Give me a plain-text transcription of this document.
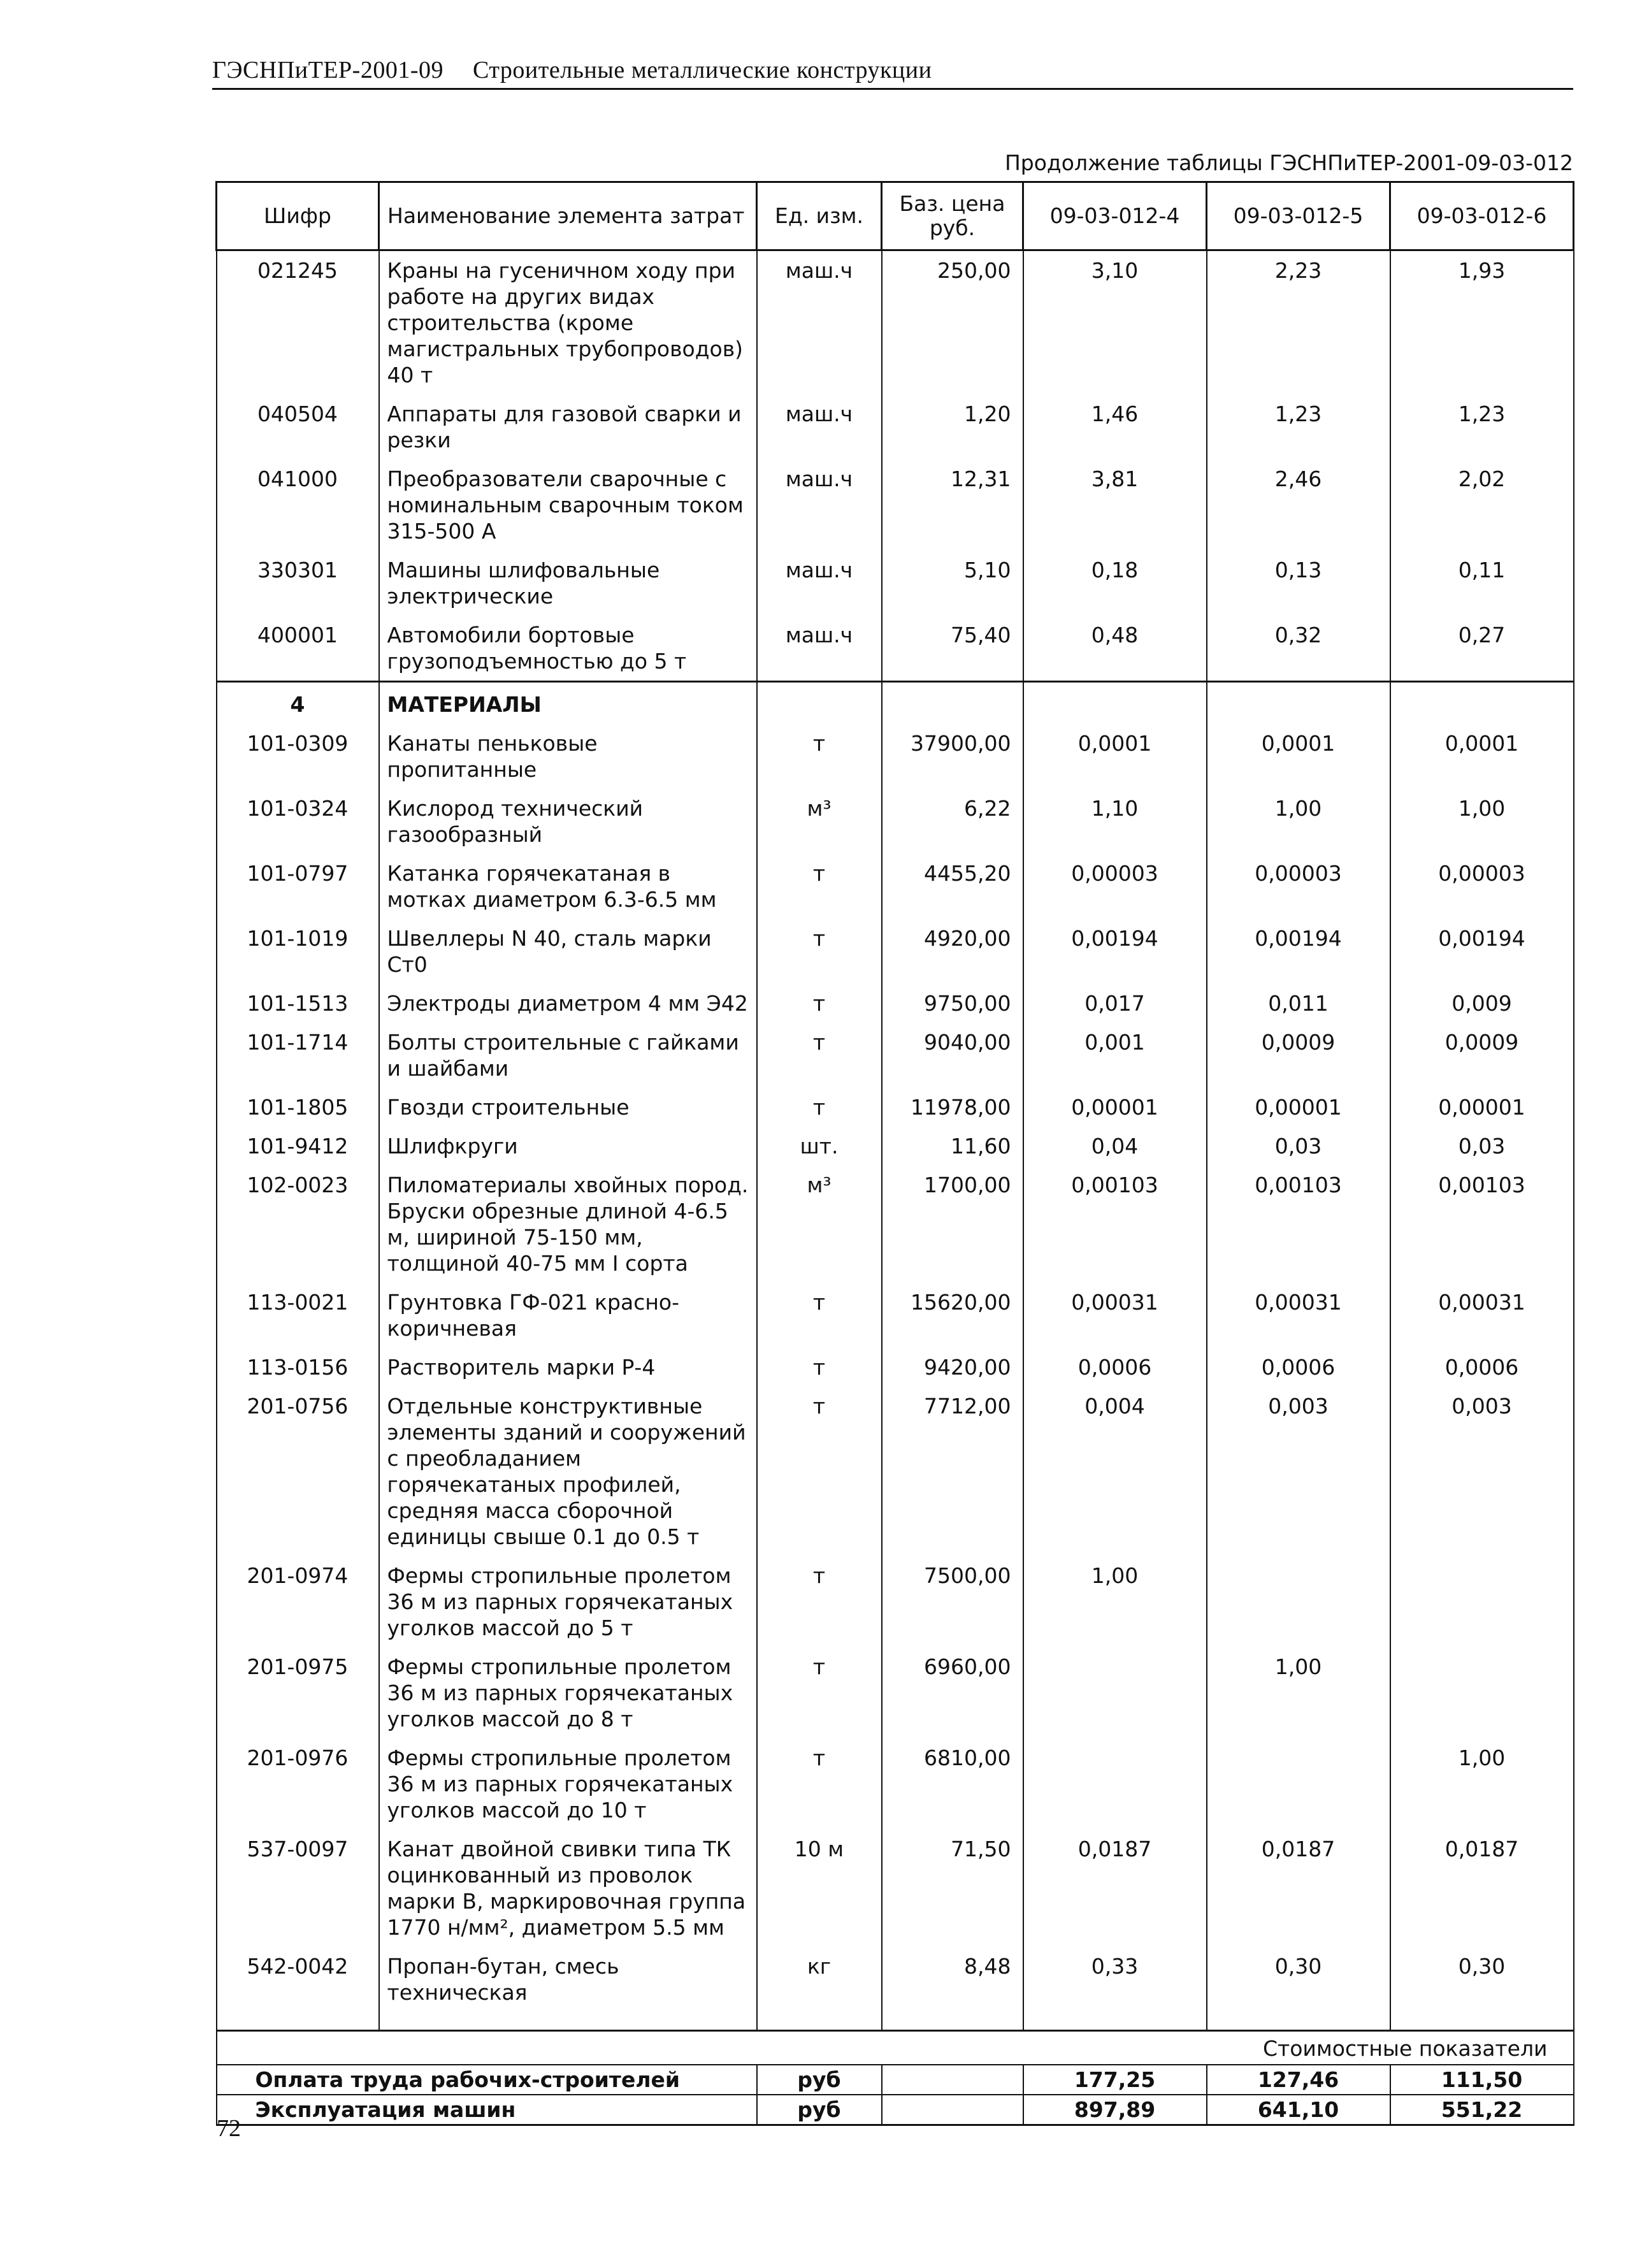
ГЭСНПиТЕР-2001-09 Строительные металлические конструкции
Продолжение таблицы ГЭСНПиТЕР-2001-09-03-012
Шифр	Наименование элемента затрат	Ед. изм.	Баз. цена руб.	09-03-012-4	09-03-012-5	09-03-012-6
021245	Краны на гусеничном ходу при работе на других видах строительства (кроме магистральных трубопроводов) 40 т	маш.ч	250,00	3,10	2,23	1,93
040504	Аппараты для газовой сварки и резки	маш.ч	1,20	1,46	1,23	1,23
041000	Преобразователи сварочные с номинальным сварочным током 315-500 А	маш.ч	12,31	3,81	2,46	2,02
330301	Машины шлифовальные электрические	маш.ч	5,10	0,18	0,13	0,11
400001	Автомобили бортовые грузоподъемностью до 5 т	маш.ч	75,40	0,48	0,32	0,27
4	МАТЕРИАЛЫ					
101-0309	Канаты пеньковые пропитанные	т	37900,00	0,0001	0,0001	0,0001
101-0324	Кислород технический газообразный	м³	6,22	1,10	1,00	1,00
101-0797	Катанка горячекатаная в мотках диаметром 6.3-6.5 мм	т	4455,20	0,00003	0,00003	0,00003
101-1019	Швеллеры N 40, сталь марки Ст0	т	4920,00	0,00194	0,00194	0,00194
101-1513	Электроды диаметром 4 мм Э42	т	9750,00	0,017	0,011	0,009
101-1714	Болты строительные с гайками и шайбами	т	9040,00	0,001	0,0009	0,0009
101-1805	Гвозди строительные	т	11978,00	0,00001	0,00001	0,00001
101-9412	Шлифкруги	шт.	11,60	0,04	0,03	0,03
102-0023	Пиломатериалы хвойных пород. Бруски обрезные длиной 4-6.5 м, шириной 75-150 мм, толщиной 40-75 мм I сорта	м³	1700,00	0,00103	0,00103	0,00103
113-0021	Грунтовка ГФ-021 красно-коричневая	т	15620,00	0,00031	0,00031	0,00031
113-0156	Растворитель марки Р-4	т	9420,00	0,0006	0,0006	0,0006
201-0756	Отдельные конструктивные элементы зданий и сооружений с преобладанием горячекатаных профилей, средняя масса сборочной единицы свыше 0.1 до 0.5 т	т	7712,00	0,004	0,003	0,003
201-0974	Фермы стропильные пролетом 36 м из парных горячекатаных уголков массой до 5 т	т	7500,00	1,00		
201-0975	Фермы стропильные пролетом 36 м из парных горячекатаных уголков массой до 8 т	т	6960,00		1,00	
201-0976	Фермы стропильные пролетом 36 м из парных горячекатаных уголков массой до 10 т	т	6810,00			1,00
537-0097	Канат двойной свивки типа ТК оцинкованный из проволок марки В, маркировочная группа 1770 н/мм², диаметром 5.5 мм	10 м	71,50	0,0187	0,0187	0,0187
542-0042	Пропан-бутан, смесь техническая	кг	8,48	0,33	0,30	0,30

Стоимостные показатели						
Оплата труда рабочих-строителей		руб		177,25	127,46	111,50
Эксплуатация машин		руб		897,89	641,10	551,22
72
